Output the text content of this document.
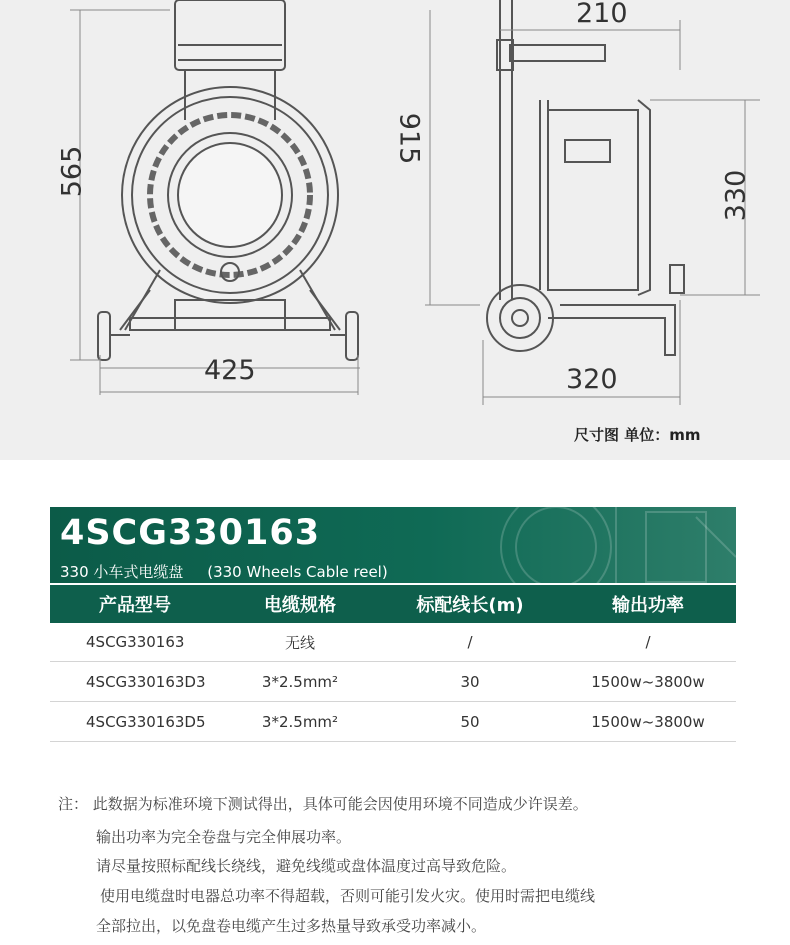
565
425
915
210
330
320
尺寸图 单位：mm
4SCG330163
330 小车式电缆盘     (330 Wheels Cable reel)
产品型号	电缆规格	标配线长(m)	输出功率
4SCG330163	无线	/	/
4SCG330163D3	3*2.5mm²	30	1500w~3800w
4SCG330163D5	3*2.5mm²	50	1500w~3800w
注： 此数据为标准环境下测试得出，具体可能会因使用环境不同造成少许误差。
输出功率为完全卷盘与完全伸展功率。
请尽量按照标配线长绕线，避免线缆或盘体温度过高导致危险。
使用电缆盘时电器总功率不得超载，否则可能引发火灾。使用时需把电缆线
全部拉出，以免盘卷电缆产生过多热量导致承受功率减小。
